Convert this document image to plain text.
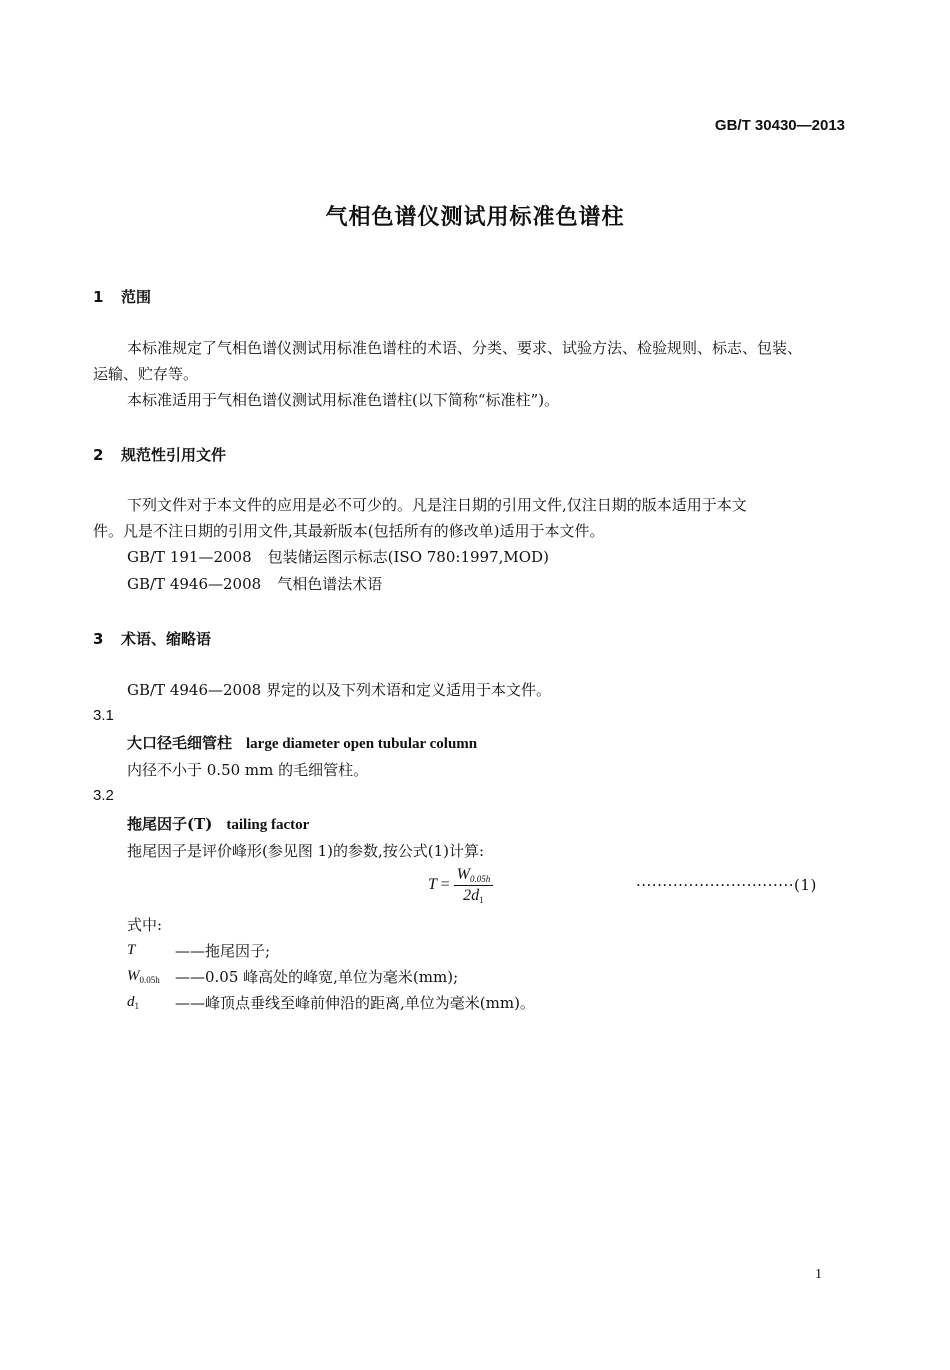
GB/T 30430—2013
气相色谱仪测试用标准色谱柱
1 范围
本标准规定了气相色谱仪测试用标准色谱柱的术语、分类、要求、试验方法、检验规则、标志、包装、
运输、贮存等。
本标准适用于气相色谱仪测试用标准色谱柱(以下简称“标准柱”)。
2 规范性引用文件
下列文件对于本文件的应用是必不可少的。凡是注日期的引用文件,仅注日期的版本适用于本文
件。凡是不注日期的引用文件,其最新版本(包括所有的修改单)适用于本文件。
GB/T 191—2008 包装储运图示标志(ISO 780:1997,MOD)
GB/T 4946—2008 气相色谱法术语
3 术语、缩略语
GB/T 4946—2008 界定的以及下列术语和定义适用于本文件。
3.1
大口径毛细管柱 large diameter open tubular column
内径不小于 0.50 mm 的毛细管柱。
3.2
拖尾因子(T) tailing factor
拖尾因子是评价峰形(参见图 1)的参数,按公式(1)计算:
$T = \frac{W_{0.05h}}{2d_1}$	······························(1)
式中:
T	——拖尾因子;
$W_{0.05h}$	——0.05 峰高处的峰宽,单位为毫米(mm);
$d_1$	——峰顶点垂线至峰前伸沿的距离,单位为毫米(mm)。
1
